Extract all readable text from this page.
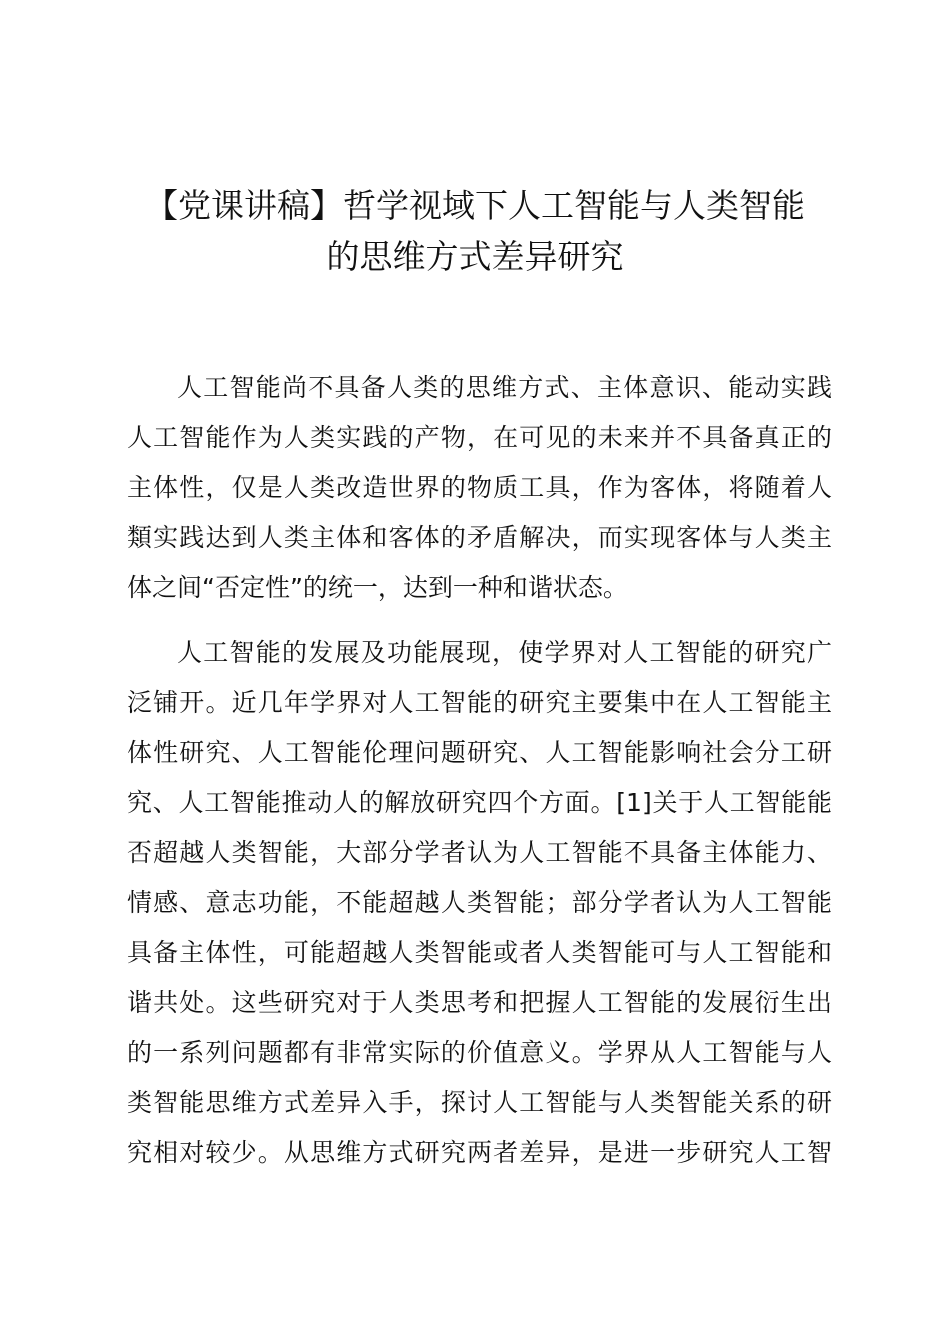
【党课讲稿】哲学视域下人工智能与人类智能
的思维方式差异研究
人工智能尚不具备人类的思维方式、主体意识、能动实践
人工智能作为人类实践的产物，在可见的未来并不具备真正的
主体性，仅是人类改造世界的物质工具，作为客体，将随着人
類实践达到人类主体和客体的矛盾解决，而实现客体与人类主
体之间“否定性”的统一，达到一种和谐状态。
人工智能的发展及功能展现，使学界对人工智能的研究广
泛铺开。近几年学界对人工智能的研究主要集中在人工智能主
体性研究、人工智能伦理问题研究、人工智能影响社会分工研
究、人工智能推动人的解放研究四个方面。[1]关于人工智能能
否超越人类智能，大部分学者认为人工智能不具备主体能力、
情感、意志功能，不能超越人类智能；部分学者认为人工智能
具备主体性，可能超越人类智能或者人类智能可与人工智能和
谐共处。这些研究对于人类思考和把握人工智能的发展衍生出
的一系列问题都有非常实际的价值意义。学界从人工智能与人
类智能思维方式差异入手，探讨人工智能与人类智能关系的研
究相对较少。从思维方式研究两者差异，是进一步研究人工智
